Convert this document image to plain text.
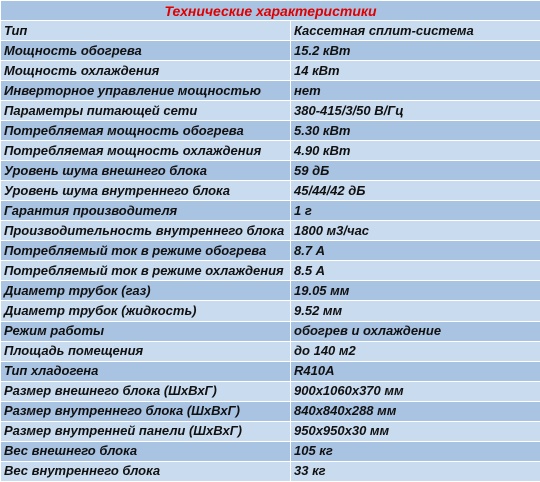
Технические характеристики	
Тип	Кассетная сплит-система
Мощность обогрева	15.2 кВт
Мощность охлаждения	14 кВт
Инверторное управление мощностью	нет
Параметры питающей сети	380-415/3/50 В/Гц
Потребляемая мощность обогрева	5.30 кВт
Потребляемая мощность охлаждения	4.90 кВт
Уровень шума внешнего блока	59 дБ
Уровень шума внутреннего блока	45/44/42 дБ
Гарантия производителя	1 г
Производительность внутреннего блока	1800 м3/час
Потребляемый ток в режиме обогрева	8.7 А
Потребляемый ток в режиме охлаждения	8.5 А
Диаметр трубок (газ)	19.05 мм
Диаметр трубок (жидкость)	9.52 мм
Режим работы	обогрев и охлаждение
Площадь помещения	до 140 м2
Тип хладогена	R410A
Размер внешнего блока (ШхВхГ)	900х1060х370 мм
Размер внутреннего блока (ШхВхГ)	840х840х288 мм
Размер внутренней панели (ШхВхГ)	950х950х30 мм
Вес внешнего блока	105 кг
Вес внутреннего блока	33 кг
